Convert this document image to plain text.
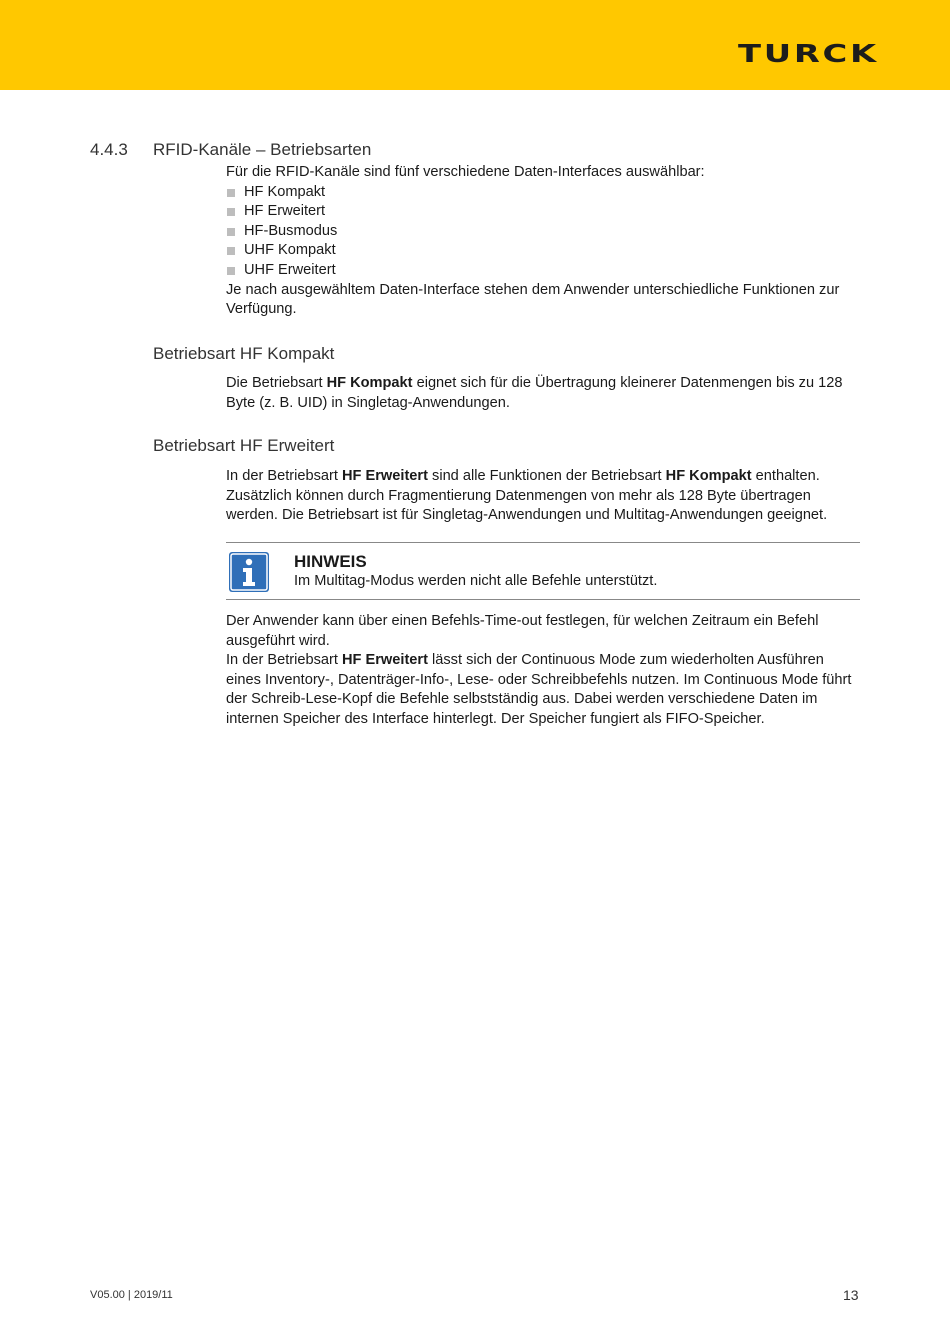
TURCK
4.4.3 RFID-Kanäle – Betriebsarten

Für die RFID-Kanäle sind fünf verschiedene Daten-Interfaces auswählbar:

HF Kompakt
HF Erweitert
HF-Busmodus
UHF Kompakt
UHF Erweitert

Je nach ausgewähltem Daten-Interface stehen dem Anwender unterschiedliche Funktionen zur Verfügung.

Betriebsart HF Kompakt

Die Betriebsart HF Kompakt eignet sich für die Übertragung kleinerer Datenmengen bis zu 128 Byte (z. B. UID) in Singletag-Anwendungen.

Betriebsart HF Erweitert

In der Betriebsart HF Erweitert sind alle Funktionen der Betriebsart HF Kompakt enthalten. Zusätzlich können durch Fragmentierung Datenmengen von mehr als 128 Byte übertragen werden. Die Betriebsart ist für Singletag-Anwendungen und Multitag-Anwendungen geeignet.

HINWEIS
Im Multitag-Modus werden nicht alle Befehle unterstützt.

Der Anwender kann über einen Befehls-Time-out festlegen, für welchen Zeitraum ein Befehl ausgeführt wird.

In der Betriebsart HF Erweitert lässt sich der Continuous Mode zum wiederholten Ausführen eines Inventory-, Datenträger-Info-, Lese- oder Schreibbefehls nutzen. Im Continuous Mode führt der Schreib-Lese-Kopf die Befehle selbstständig aus. Dabei werden verschiedene Daten im internen Speicher des Interface hinterlegt. Der Speicher fungiert als FIFO-Speicher.

V05.00 | 2019/11	13
